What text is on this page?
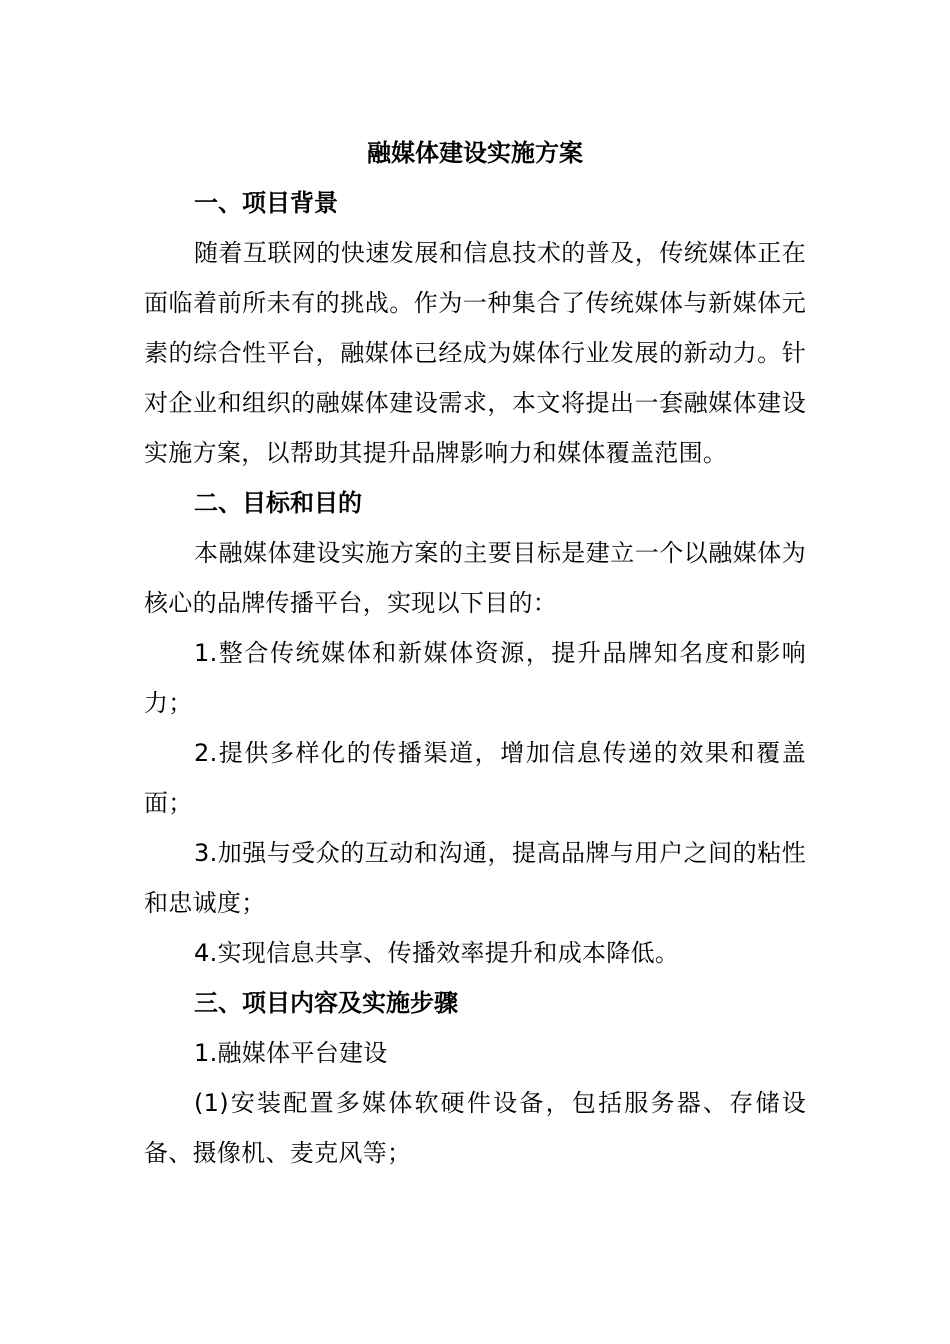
融媒体建设实施方案
一、项目背景

随着互联网的快速发展和信息技术的普及，传统媒体正在面临着前所未有的挑战。作为一种集合了传统媒体与新媒体元素的综合性平台，融媒体已经成为媒体行业发展的新动力。针对企业和组织的融媒体建设需求，本文将提出一套融媒体建设实施方案，以帮助其提升品牌影响力和媒体覆盖范围。

二、目标和目的

本融媒体建设实施方案的主要目标是建立一个以融媒体为核心的品牌传播平台，实现以下目的：

1.整合传统媒体和新媒体资源，提升品牌知名度和影响力；

2.提供多样化的传播渠道，增加信息传递的效果和覆盖面；

3.加强与受众的互动和沟通，提高品牌与用户之间的粘性和忠诚度；

4.实现信息共享、传播效率提升和成本降低。

三、项目内容及实施步骤

1.融媒体平台建设

(1)安装配置多媒体软硬件设备，包括服务器、存储设备、摄像机、麦克风等；
